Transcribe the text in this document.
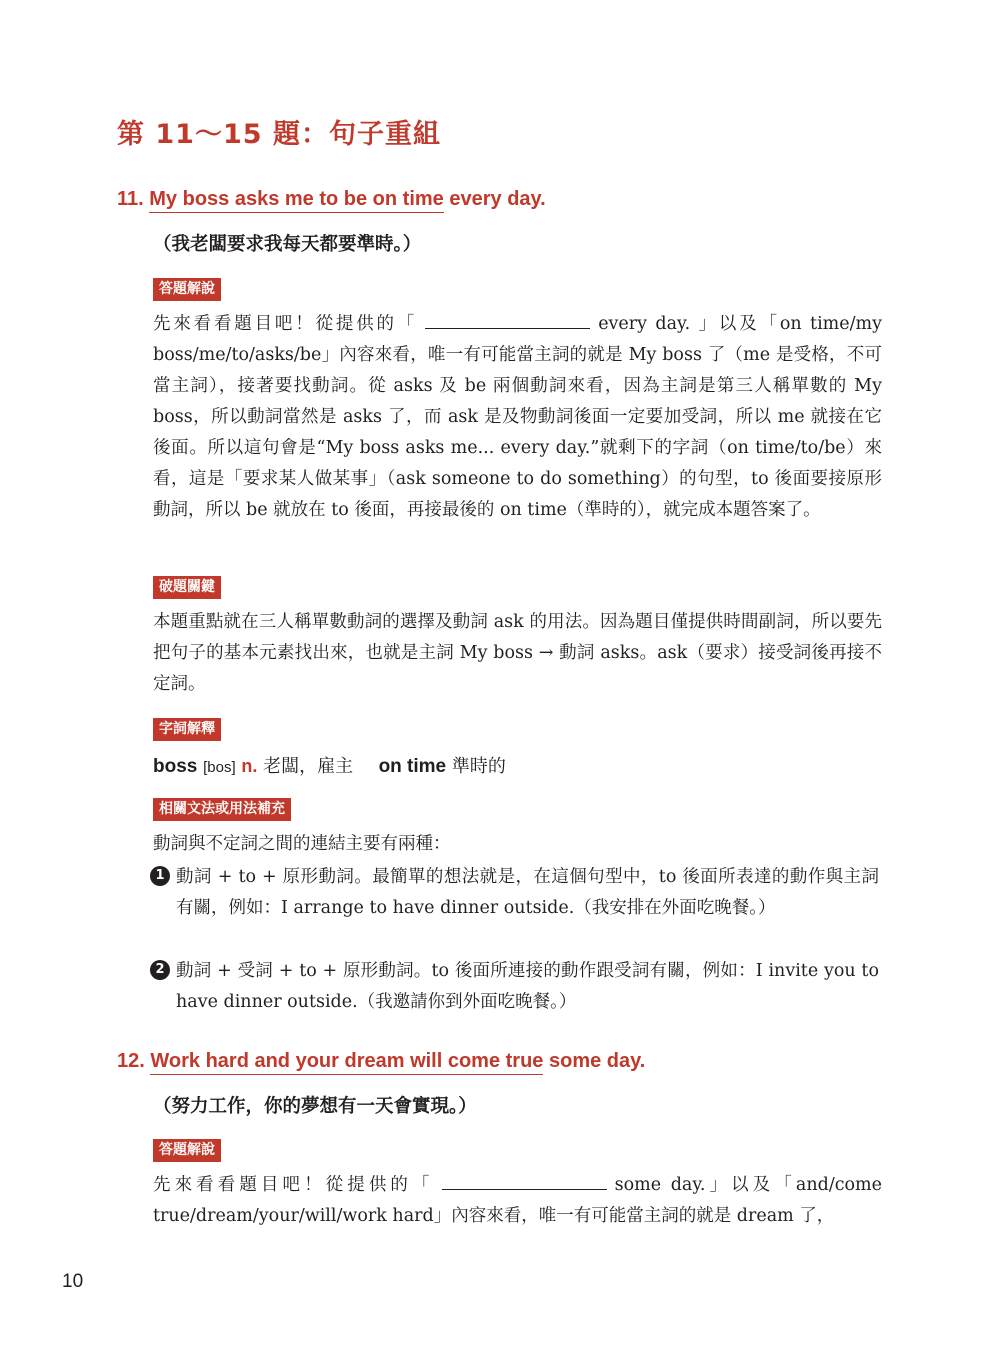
第 11～15 題：句子重組
11. My boss asks me to be on time every day.
（我老闆要求我每天都要準時。）
答題解說
先來看看題目吧！從提供的「	every day. 」以及「on time/my boss/me/to/asks/be」內容來看，唯一有可能當主詞的就是 My boss 了（me 是受格，不可當主詞），接著要找動詞。從 asks 及 be 兩個動詞來看，因為主詞是第三人稱單數的 My boss，所以動詞當然是 asks 了，而 ask 是及物動詞後面一定要加受詞，所以 me 就接在它後面。所以這句會是“My boss asks me... every day.”就剩下的字詞（on time/to/be）來看，這是「要求某人做某事」（ask someone to do something）的句型，to 後面要接原形動詞，所以 be 就放在 to 後面，再接最後的 on time（準時的），就完成本題答案了。
破題關鍵
本題重點就在三人稱單數動詞的選擇及動詞 ask 的用法。因為題目僅提供時間副詞，所以要先把句子的基本元素找出來，也就是主詞 My boss → 動詞 asks。ask（要求）接受詞後再接不定詞。
字詞解釋
boss [bos] n. 老闆，雇主 on time 準時的
相關文法或用法補充
動詞與不定詞之間的連結主要有兩種：
1 動詞 + to + 原形動詞。最簡單的想法就是，在這個句型中，to 後面所表達的動作與主詞有關，例如：I arrange to have dinner outside.（我安排在外面吃晚餐。）
2 動詞 + 受詞 + to + 原形動詞。to 後面所連接的動作跟受詞有關，例如：I invite you to have dinner outside.（我邀請你到外面吃晚餐。）
12. Work hard and your dream will come true some day.
（努力工作，你的夢想有一天會實現。）
答題解說
先來看看題目吧！從提供的「	some day.」以及「and/come true/dream/your/will/work hard」內容來看，唯一有可能當主詞的就是 dream 了，
10
